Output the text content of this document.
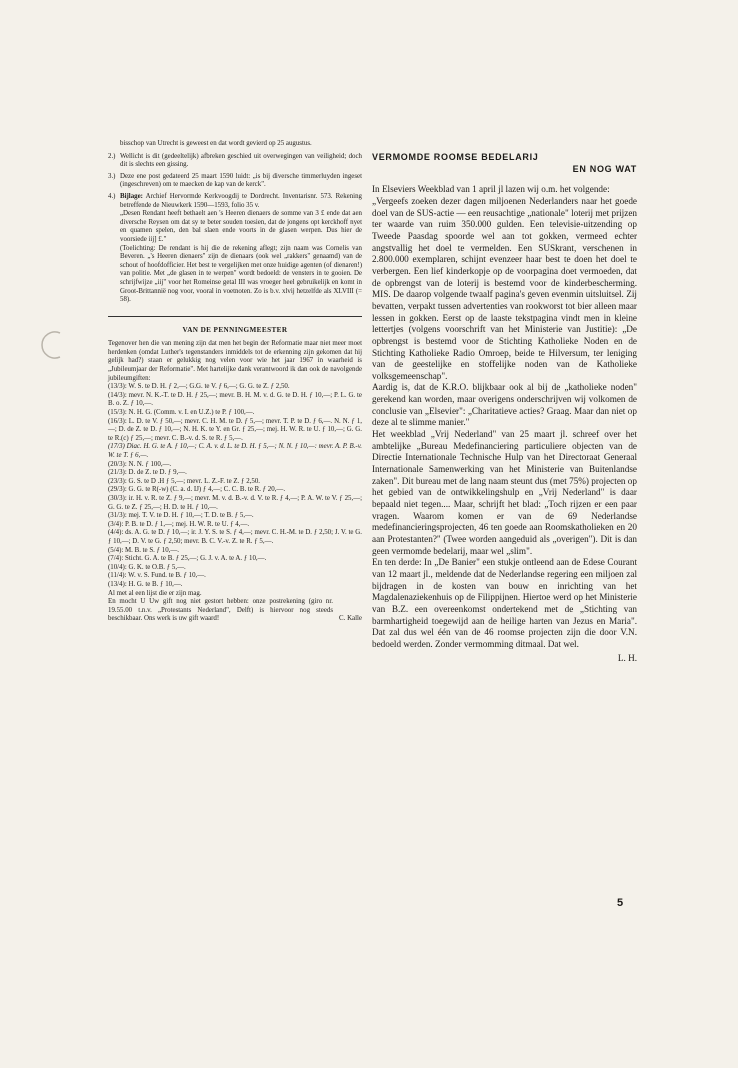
bisschop van Utrecht is geweest en dat wordt gevierd op 25 augustus.

2.) Wellicht is dit (gedeeltelijk) afbreken geschied uit overwegingen van veiligheid; doch dit is slechts een gissing.
3.) Deze ene post gedateerd 25 maart 1590 luidt: „is bij diversche timmerluyden ingeset (ingeschreven) om te maecken de kap van de kerck".
4.) Bijlage: Archief Hervormde Kerkvoogdij te Dordrecht. Inventarisnr. 573. Rekening betreffende de Nieuwkerk 1590—1593, folio 35 v.

„Desen Rendant heeft bethaelt aen 's Heeren dienaers de somme van 3 £ ende dat aen diversche Reysen om dat sy te beter souden toesien, dat de jongens opt kerckhoff nyet en quamen spelen, den bal slaen ende voorts in de glasen werpen. Dus hier de voorsiede iij] £."

(Toelichting: De rendant is hij die de rekening aflegt; zijn naam was Cornelis van Beveren. „'s Heeren dienaers" zijn de dienaars (ook wel „rakkers" genaamd) van de schout of hoofdofficier. Het best te vergelijken met onze huidige agenten (of dienaren!) van politie. Met „de glasen in te werpen" wordt bedoeld: de vensters in te gooien. De schrijfwijze „iij" voor het Romeinse getal III was vroeger heel gebruikelijk en komt in Groot-Brittannië nog voor, vooral in voetnoten. Zo is b.v. xlvij hetzelfde als XLVIII (= 58).

VAN DE PENNINGMEESTER

Tegenover hen die van mening zijn dat men het begin der Reformatie maar niet meer moet herdenken (omdat Luther's tegenstanders inmiddels tot de erkenning zijn gekomen dat hij gelijk had?) staan er gelukkig nog velen voor wie het jaar 1967 in waarheid is „Jubileumjaar der Reformatie". Met hartelijke dank verantwoord ik dan ook de navolgende jubileumgiften:

(13/3): W. S. te D. H. ƒ 2,—; G.G. te V. ƒ 6,—; G. G. te Z. ƒ 2,50.

(14/3): mevr. N. K.-T. te D. H. ƒ 25,—; mevr. B. H. M. v. d. G. te D. H. ƒ 10,—; P. L. G. te B. o. Z. ƒ 10,—.

(15/3): N. H. G. (Comm. v. I. en U.Z.) te P. ƒ 100,—.

(16/3): L. D. te V. ƒ 50,—; mevr. C. H. M. te D. ƒ 5,—; mevr. T. P. te D. ƒ 6,—. N. N. ƒ 1,—; D. de Z. te D. ƒ 10,—; N. H. K. te Y. en Gr. ƒ 25,—; mej. H. W. R. te U. ƒ 10,—; G. G. te R.(c) ƒ 25,—; mevr. C. B.-v. d. S. te R. ƒ 5,—.

(17/3) Diac. H. G. te A. ƒ 10,—; C. A. v. d. L. te D. H. ƒ 5,—; N. N. ƒ 10,—: mevr. A. P. B.-v. W. te T. ƒ 6,—.

(20/3): N. N. ƒ 100,—.

(21/3): D. de Z. te D. ƒ 9,—.

(23/3): G. S. te D .H ƒ 5,—; mevr. L. Z.-F. te Z. ƒ 2,50.

(29/3): G. G. te R(-w) (C. a. d. IJ) ƒ 4,—; C. C. B. te R. ƒ 20,—.

(30/3): ir. H. v. R. te Z. ƒ 9,—; mevr. M. v. d. B.-v. d. V. te R. ƒ 4,—; P. A. W. te V. ƒ 25,—; G. G. te Z. ƒ 25,—; H. D. te H. ƒ 10,—.

(31/3): mej. T. V. te D. H. ƒ 10,—; T. D. te B. ƒ 5,—.

(3/4): P. B. te D. ƒ 1,—; mej. H. W. R. te U. ƒ 4,—.

(4/4): ds. A. G. te D. ƒ 10,—; ir. J. Y. S. te S. ƒ 4,—; mevr. C. H.-M. te D. ƒ 2,50; J. V. te G. ƒ 10,—; D. V. te G. ƒ 2,50; mevr. B. C. V.-v. Z. te R. ƒ 5,—.

(5/4): M. B. te S. ƒ 10,—.

(7/4): Sticht. G. A. te B. ƒ 25,—; G. J. v. A. te A. ƒ 10,—.

(10/4): G. K. te O.B. ƒ 5,—.

(11/4): W. v. S. Fund. te B. ƒ 10,—.

(13/4): H. G. te B. ƒ 10,—.

Al met al een lijst die er zijn mag.

En mocht U Uw gift nog niet gestort hebben: onze postrekening (giro nr. 19.55.00 t.n.v. „Protestants Nederland", Delft) is hiervoor nog steeds beschikbaar. Ons werk is uw gift waard!	C. Kalle
VERMOMDE ROOMSE BEDELARIJ
EN NOG WAT

In Elseviers Weekblad van 1 april jl lazen wij o.m. het volgende:

„Vergeefs zoeken dezer dagen miljoenen Nederlanders naar het goede doel van de SUS-actie — een reusachtige „nationale" loterij met prijzen ter waarde van ruim 350.000 gulden. Een televisie-uitzending op Tweede Paasdag spoorde wel aan tot gokken, vermeed echter angstvallig het doel te vermelden. Een SUSkrant, verschenen in 2.800.000 exemplaren, schijnt evenzeer haar best te doen het doel te verbergen. Een lief kinderkopje op de voorpagina doet vermoeden, dat de opbrengst van de loterij is bestemd voor de kinderbescherming. MIS. De daarop volgende twaalf pagina's geven evenmin uitsluitsel. Zij bevatten, verpakt tussen advertenties van rookworst tot bier alleen maar lessen in gokken. Eerst op de laaste tekstpagina vindt men in kleine lettertjes (volgens voorschrift van het Ministerie van Justitie): „De opbrengst is bestemd voor de Stichting Katholieke Noden en de Stichting Katholieke Radio Omroep, beide te Hilversum, ter leniging van de geestelijke en stoffelijke noden van de Katholieke volksgemeenschap".

Aardig is, dat de K.R.O. blijkbaar ook al bij de „katholieke noden" gerekend kan worden, maar overigens onderschrijven wij volkomen de conclusie van „Elsevier": „Charitatieve acties? Graag. Maar dan niet op deze al te slimme manier."

Het weekblad „Vrij Nederland" van 25 maart jl. schreef over het ambtelijke „Bureau Medefinanciering particuliere objecten van de Directie Internationale Technische Hulp van het Directoraat Generaal Internationale Samenwerking van het Ministerie van Buitenlandse zaken". Dit bureau met de lang naam steunt dus (met 75%) projecten op het gebied van de ontwikkelingshulp en „Vrij Nederland" is daar bepaald niet tegen.... Maar, schrijft het blad: „Toch rijzen er een paar vragen. Waarom komen er van de 69 Nederlandse medefinancieringsprojecten, 46 ten goede aan Roomskatholieken en 20 aan Protestanten?" (Twee worden aangeduid als „overigen"). Dit is dan geen vermomde bedelarij, maar wel „slim".

En ten derde: In „De Banier" een stukje ontleend aan de Edese Courant van 12 maart jl., meldende dat de Nederlandse regering een miljoen zal bijdragen in de kosten van bouw en inrichting van het Magdalenaziekenhuis op de Filippijnen. Hiertoe werd op het Ministerie van B.Z. een overeenkomst ondertekend met de „Stichting van barmhartigheid toegewijd aan de heilige harten van Jezus en Maria". Dat zal dus wel één van de 46 roomse projecten zijn die door V.N. bedoeld werden. Zonder vermomming ditmaal. Dat wel.

L. H.
5
